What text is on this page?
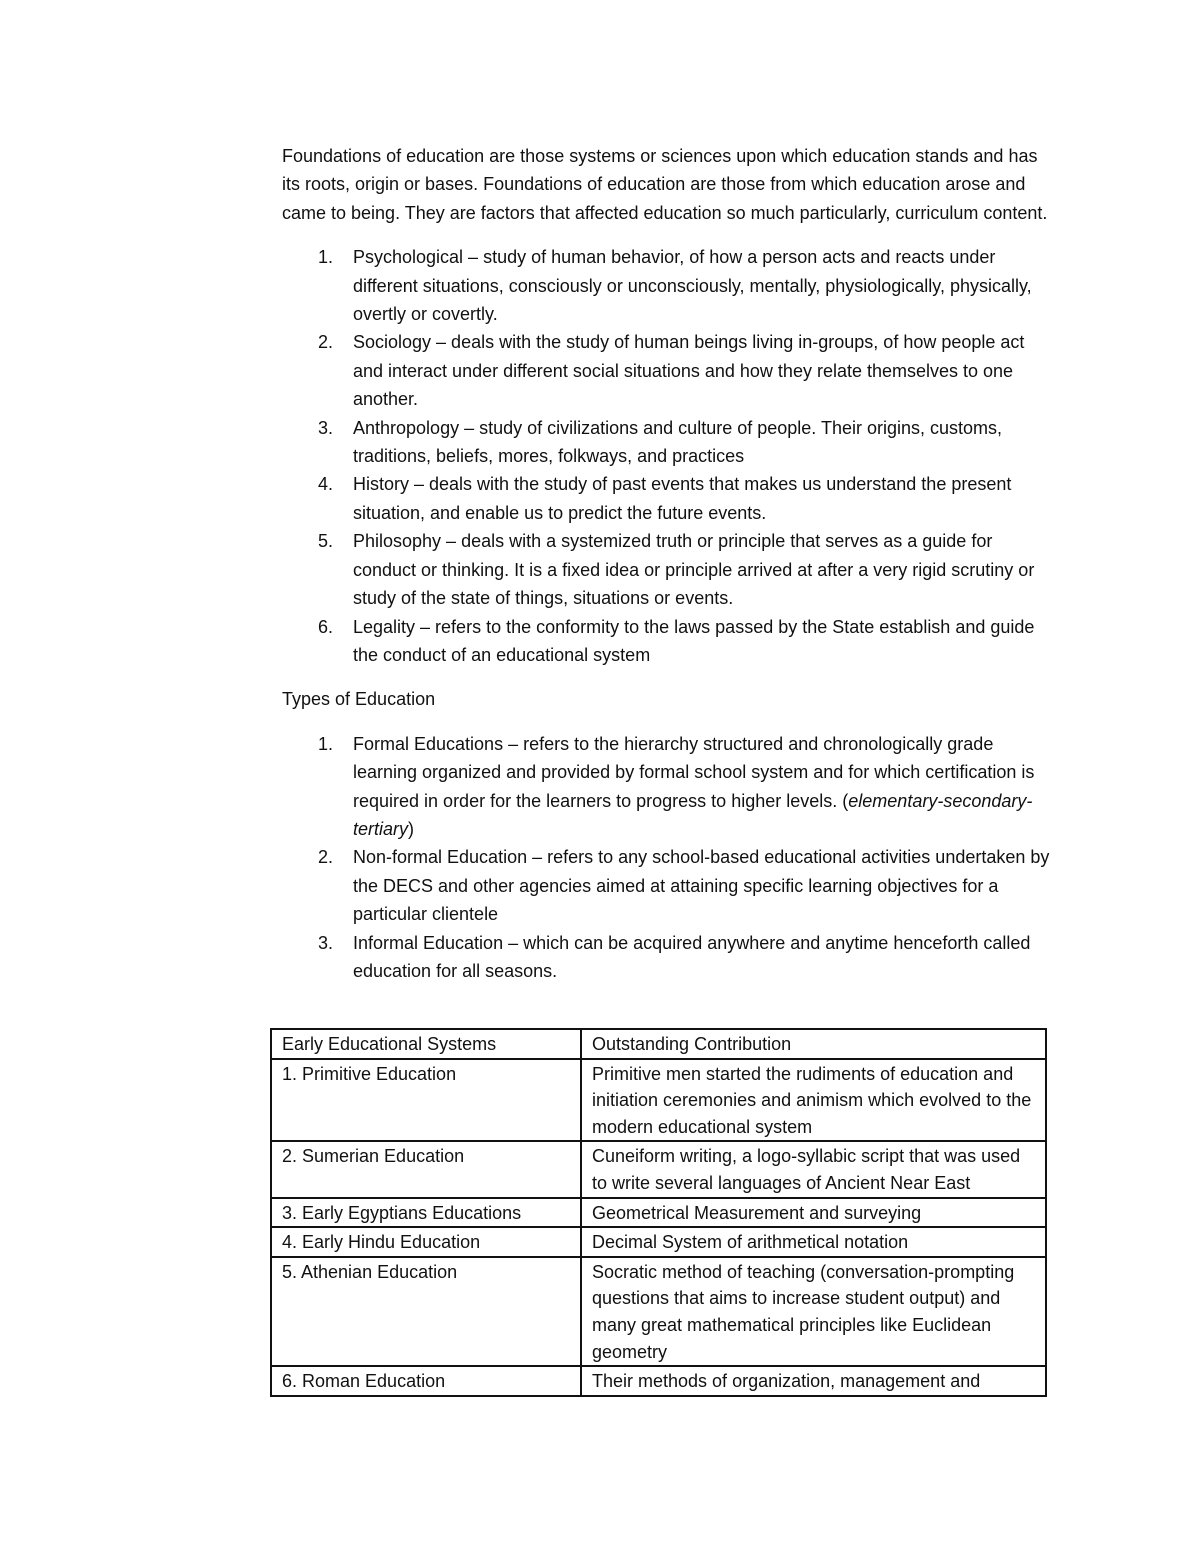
Foundations of education are those systems or sciences upon which education stands and has its roots, origin or bases. Foundations of education are those from which education arose and came to being. They are factors that affected education so much particularly, curriculum content.

1. Psychological – study of human behavior, of how a person acts and reacts under different situations, consciously or unconsciously, mentally, physiologically, physically, overtly or covertly.
2. Sociology – deals with the study of human beings living in-groups, of how people act and interact under different social situations and how they relate themselves to one another.
3. Anthropology – study of civilizations and culture of people. Their origins, customs, traditions, beliefs, mores, folkways, and practices
4. History – deals with the study of past events that makes us understand the present situation, and enable us to predict the future events.
5. Philosophy – deals with a systemized truth or principle that serves as a guide for conduct or thinking. It is a fixed idea or principle arrived at after a very rigid scrutiny or study of the state of things, situations or events.
6. Legality – refers to the conformity to the laws passed by the State establish and guide the conduct of an educational system

Types of Education

1. Formal Educations – refers to the hierarchy structured and chronologically grade learning organized and provided by formal school system and for which certification is required in order for the learners to progress to higher levels. (elementary-secondary-tertiary)
2. Non-formal Education – refers to any school-based educational activities undertaken by the DECS and other agencies aimed at attaining specific learning objectives for a particular clientele
3. Informal Education – which can be acquired anywhere and anytime henceforth called education for all seasons.
Early Educational Systems	Outstanding Contribution
1. Primitive Education	Primitive men started the rudiments of education and initiation ceremonies and animism which evolved to the modern educational system
2. Sumerian Education	Cuneiform writing, a logo-syllabic script that was used to write several languages of Ancient Near East
3. Early Egyptians Educations	Geometrical Measurement and surveying
4. Early Hindu Education	Decimal System of arithmetical notation
5. Athenian Education	Socratic method of teaching (conversation-prompting questions that aims to increase student output) and many great mathematical principles like Euclidean geometry
6. Roman Education	Their methods of organization, management and
